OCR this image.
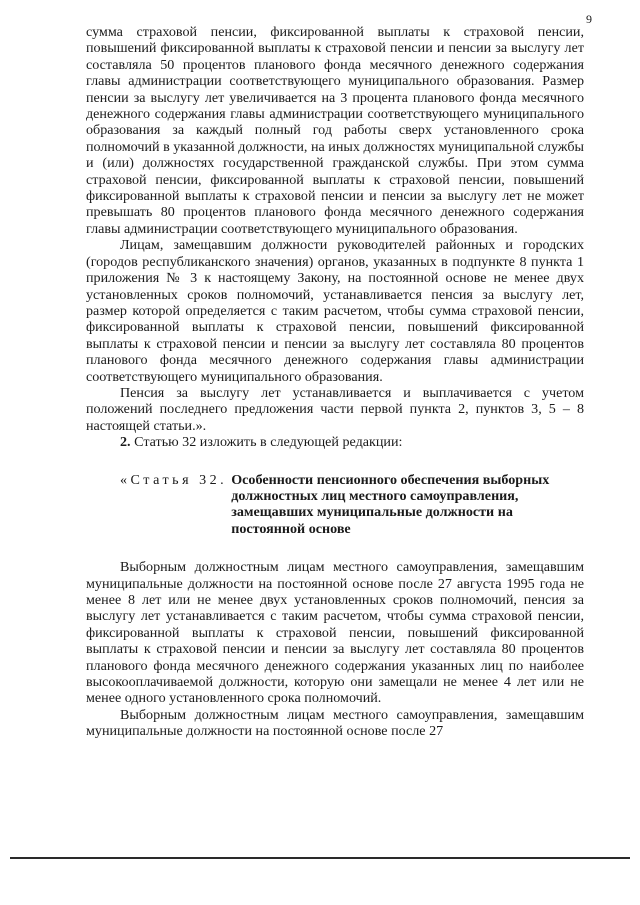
9

сумма страховой пенсии, фиксированной выплаты к страховой пенсии, повышений фиксированной выплаты к страховой пенсии и пенсии за выслугу лет составляла 50 процентов планового фонда месячного денежного содержания главы администрации соответствующего муниципального образования. Размер пенсии за выслугу лет увеличивается на 3 процента планового фонда месячного денежного содержания главы администрации соответствующего муниципального образования за каждый полный год работы сверх установленного срока полномочий в указанной должности, на иных должностях муниципальной службы и (или) должностях государственной гражданской службы. При этом сумма страховой пенсии, фиксированной выплаты к страховой пенсии, повышений фиксированной выплаты к страховой пенсии и пенсии за выслугу лет не может превышать 80 процентов планового фонда месячного денежного содержания главы администрации соответствующего муниципального образования.

Лицам, замещавшим должности руководителей районных и городских (городов республиканского значения) органов, указанных в подпункте 8 пункта 1 приложения № 3 к настоящему Закону, на постоянной основе не менее двух установленных сроков полномочий, устанавливается пенсия за выслугу лет, размер которой определяется с таким расчетом, чтобы сумма страховой пенсии, фиксированной выплаты к страховой пенсии, повышений фиксированной выплаты к страховой пенсии и пенсии за выслугу лет составляла 80 процентов планового фонда месячного денежного содержания главы администрации соответствующего муниципального образования.

Пенсия за выслугу лет устанавливается и выплачивается с учетом положений последнего предложения части первой пункта 2, пунктов 3, 5 – 8 настоящей статьи.».

2. Статью 32 изложить в следующей редакции:

«Статья 32. Особенности пенсионного обеспечения выборных должностных лиц местного самоуправления, замещавших муниципальные должности на постоянной основе

Выборным должностным лицам местного самоуправления, замещавшим муниципальные должности на постоянной основе после 27 августа 1995 года не менее 8 лет или не менее двух установленных сроков полномочий, пенсия за выслугу лет устанавливается с таким расчетом, чтобы сумма страховой пенсии, фиксированной выплаты к страховой пенсии, повышений фиксированной выплаты к страховой пенсии и пенсии за выслугу лет составляла 80 процентов планового фонда месячного денежного содержания указанных лиц по наиболее высокооплачиваемой должности, которую они замещали не менее 4 лет или не менее одного установленного срока полномочий.

Выборным должностным лицам местного самоуправления, замещавшим муниципальные должности на постоянной основе после 27
